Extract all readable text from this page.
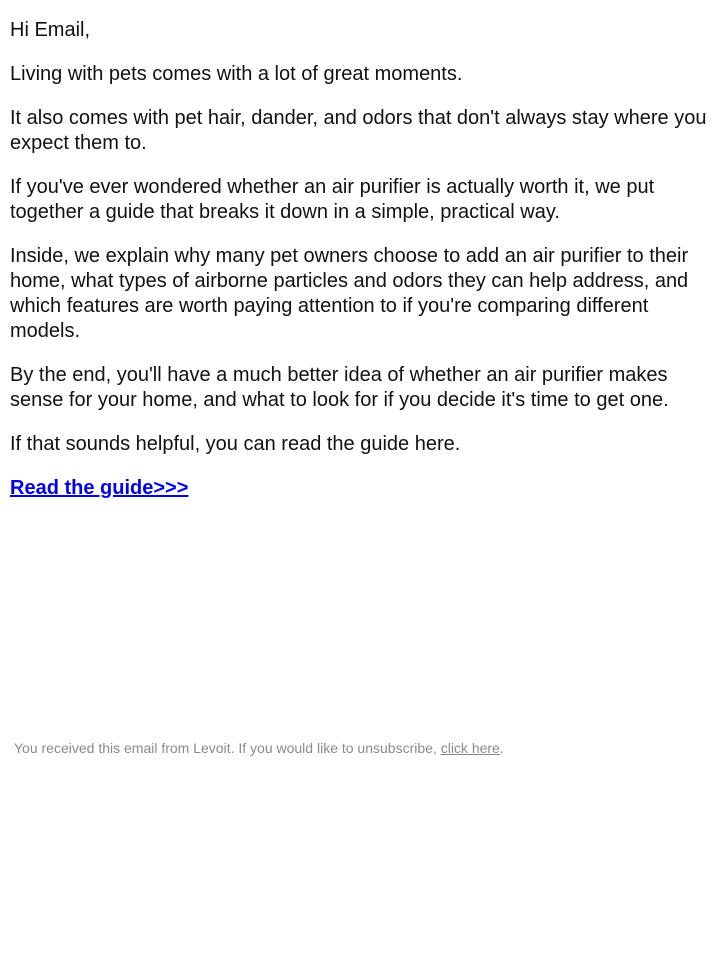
Hi Email,

Living with pets comes with a lot of great moments.

It also comes with pet hair, dander, and odors that don't always stay where you expect them to.

If you've ever wondered whether an air purifier is actually worth it, we put together a guide that breaks it down in a simple, practical way.

Inside, we explain why many pet owners choose to add an air purifier to their home, what types of airborne particles and odors they can help address, and which features are worth paying attention to if you're comparing different models.

By the end, you'll have a much better idea of whether an air purifier makes sense for your home, and what to look for if you decide it's time to get one.

If that sounds helpful, you can read the guide here.

Read the guide>>>
You received this email from Levoit. If you would like to unsubscribe, click here.
